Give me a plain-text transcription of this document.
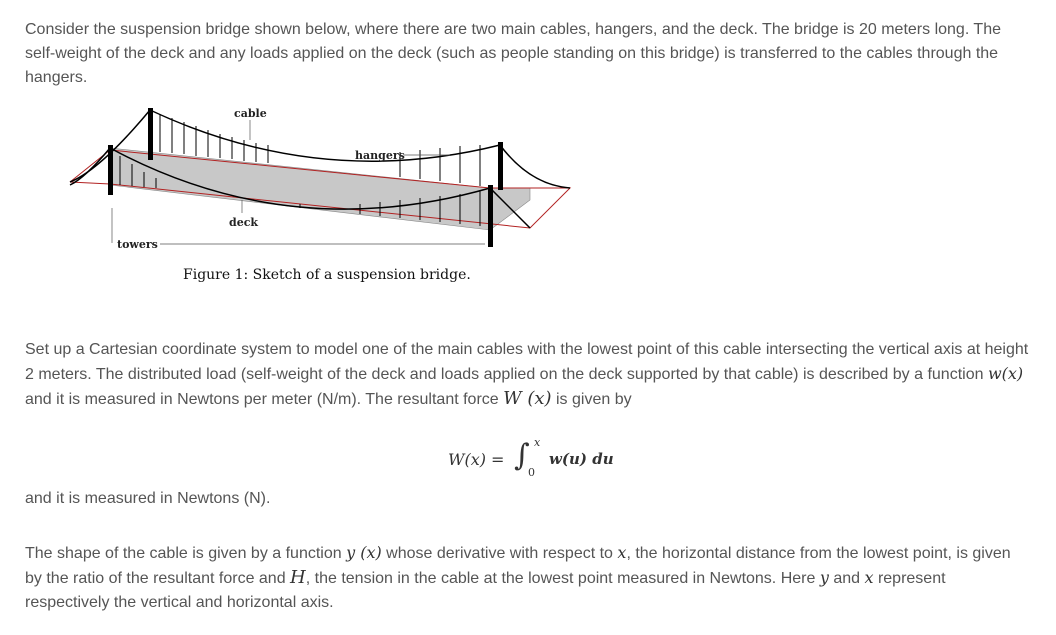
Consider the suspension bridge shown below, where there are two main cables, hangers, and the deck. The bridge is 20 meters long. The self-weight of the deck and any loads applied on the deck (such as people standing on this bridge) is transferred to the cables through the hangers.

cable
hangers
deck
towers
Figure 1: Sketch of a suspension bridge.

Set up a Cartesian coordinate system to model one of the main cables with the lowest point of this cable intersecting the vertical axis at height 2 meters. The distributed load (self-weight of the deck and loads applied on the deck supported by that cable) is described by a function w(x) and it is measured in Newtons per meter (N/m). The resultant force W (x) is given by

W(x) = ∫ x
0
w(u) du

and it is measured in Newtons (N).

The shape of the cable is given by a function y (x) whose derivative with respect to x, the horizontal distance from the lowest point, is given by the ratio of the resultant force and H, the tension in the cable at the lowest point measured in Newtons. Here y and x represent respectively the vertical and horizontal axis.
